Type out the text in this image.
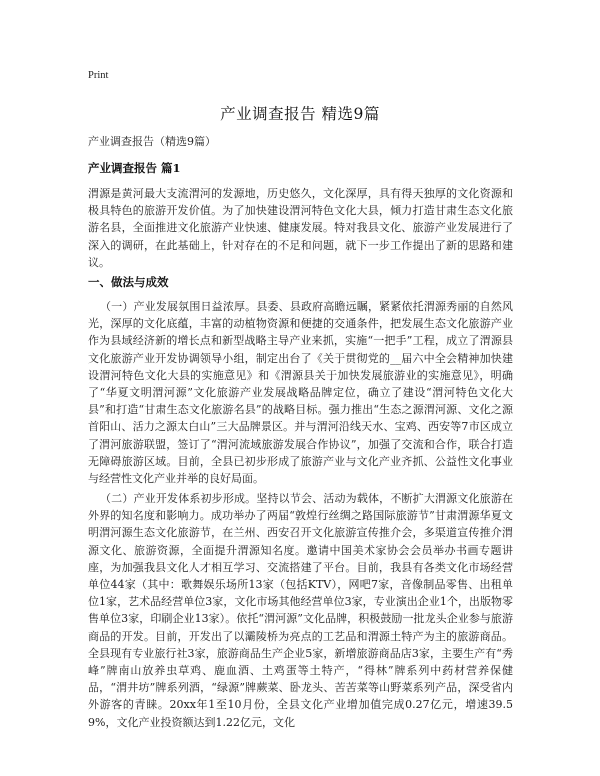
Print
产业调查报告 精选9篇
产业调查报告（精选9篇）
产业调查报告 篇1
渭源是黄河最大支流渭河的发源地，历史悠久，文化深厚，具有得天独厚的文化资源和极具特色的旅游开发价值。为了加快建设渭河特色文化大县，倾力打造甘肃生态文化旅游名县，全面推进文化旅游产业快速、健康发展。特对我县文化、旅游产业发展进行了深入的调研，在此基础上，针对存在的不足和问题，就下一步工作提出了新的思路和建议。
一、做法与成效
（一）产业发展氛围日益浓厚。县委、县政府高瞻远瞩，紧紧依托渭源秀丽的自然风光，深厚的文化底蕴，丰富的动植物资源和便捷的交通条件，把发展生态文化旅游产业作为县域经济新的增长点和新型战略主导产业来抓，实施“一把手”工程，成立了渭源县文化旅游产业开发协调领导小组，制定出台了《关于贯彻党的__届六中全会精神加快建设渭河特色文化大县的实施意见》和《渭源县关于加快发展旅游业的实施意见》，明确了“华夏文明渭河源”文化旅游产业发展战略品牌定位，确立了建设“渭河特色文化大县”和打造“甘肃生态文化旅游名县”的战略目标。强力推出“生态之源渭河源、文化之源首阳山、活力之源太白山”三大品牌景区。并与渭河沿线天水、宝鸡、西安等7市区成立了渭河旅游联盟，签订了“渭河流域旅游发展合作协议”，加强了交流和合作，联合打造无障碍旅游区域。目前，全县已初步形成了旅游产业与文化产业齐抓、公益性文化事业与经营性文化产业并举的良好局面。
（二）产业开发体系初步形成。坚持以节会、活动为载体，不断扩大渭源文化旅游在外界的知名度和影响力。成功举办了两届“敦煌行丝绸之路国际旅游节”甘肃渭源华夏文明渭河源生态文化旅游节，在兰州、西安召开文化旅游宣传推介会，多渠道宣传推介渭源文化、旅游资源，全面提升渭源知名度。邀请中国美术家协会会员举办书画专题讲座，为加强我县文化人才相互学习、交流搭建了平台。目前，我县有各类文化市场经营单位44家（其中：歌舞娱乐场所13家（包括KTV），网吧7家，音像制品零售、出租单位1家，艺术品经营单位3家，文化市场其他经营单位3家，专业演出企业1个，出版物零售单位3家，印刷企业13家）。依托“渭河源”文化品牌，积极鼓励一批龙头企业参与旅游商品的开发。目前，开发出了以灞陵桥为亮点的工艺品和渭源土特产为主的旅游商品。全县现有专业旅行社3家，旅游商品生产企业5家，新增旅游商品店3家，主要生产有“秀峰”牌南山放养虫草鸡、鹿血酒、土鸡蛋等土特产，“得林”牌系列中药材营养保健品，“渭井坊”牌系列酒，“绿源”牌蕨菜、卧龙头、苦苦菜等山野菜系列产品，深受省内外游客的青睐。20xx年1至10月份，全县文化产业增加值完成0.27亿元，增速39.59%，文化产业投资额达到1.22亿元，文化
